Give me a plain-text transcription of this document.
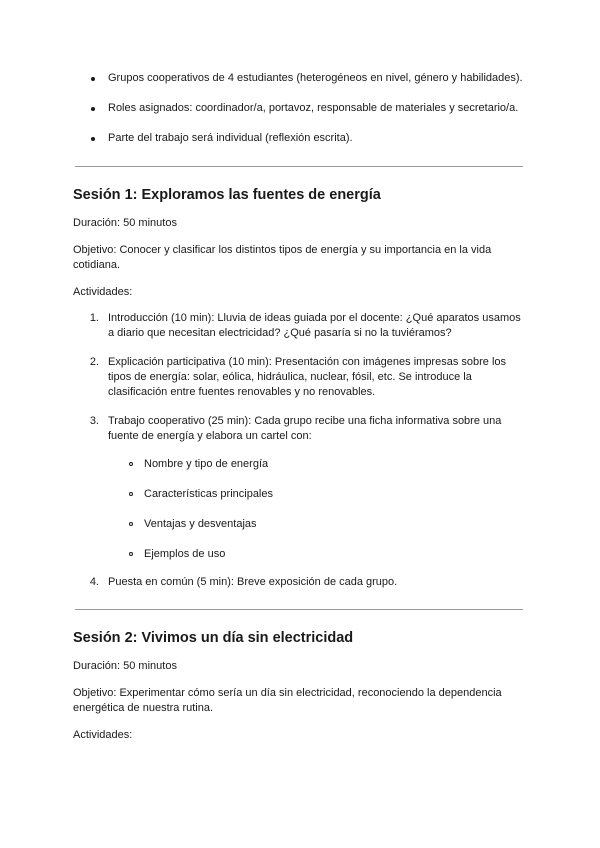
Grupos cooperativos de 4 estudiantes (heterogéneos en nivel, género y habilidades).
Roles asignados: coordinador/a, portavoz, responsable de materiales y secretario/a.
Parte del trabajo será individual (reflexión escrita).
Sesión 1: Exploramos las fuentes de energía
Duración: 50 minutos
Objetivo: Conocer y clasificar los distintos tipos de energía y su importancia en la vida
cotidiana.
Actividades:
1. Introducción (10 min): Lluvia de ideas guiada por el docente: ¿Qué aparatos usamos
a diario que necesitan electricidad? ¿Qué pasaría si no la tuviéramos?
2. Explicación participativa (10 min): Presentación con imágenes impresas sobre los
tipos de energía: solar, eólica, hidráulica, nuclear, fósil, etc. Se introduce la
clasificación entre fuentes renovables y no renovables.
3. Trabajo cooperativo (25 min): Cada grupo recibe una ficha informativa sobre una
fuente de energía y elabora un cartel con:
Nombre y tipo de energía
Características principales
Ventajas y desventajas
Ejemplos de uso
4. Puesta en común (5 min): Breve exposición de cada grupo.
Sesión 2: Vivimos un día sin electricidad
Duración: 50 minutos
Objetivo: Experimentar cómo sería un día sin electricidad, reconociendo la dependencia
energética de nuestra rutina.
Actividades:
